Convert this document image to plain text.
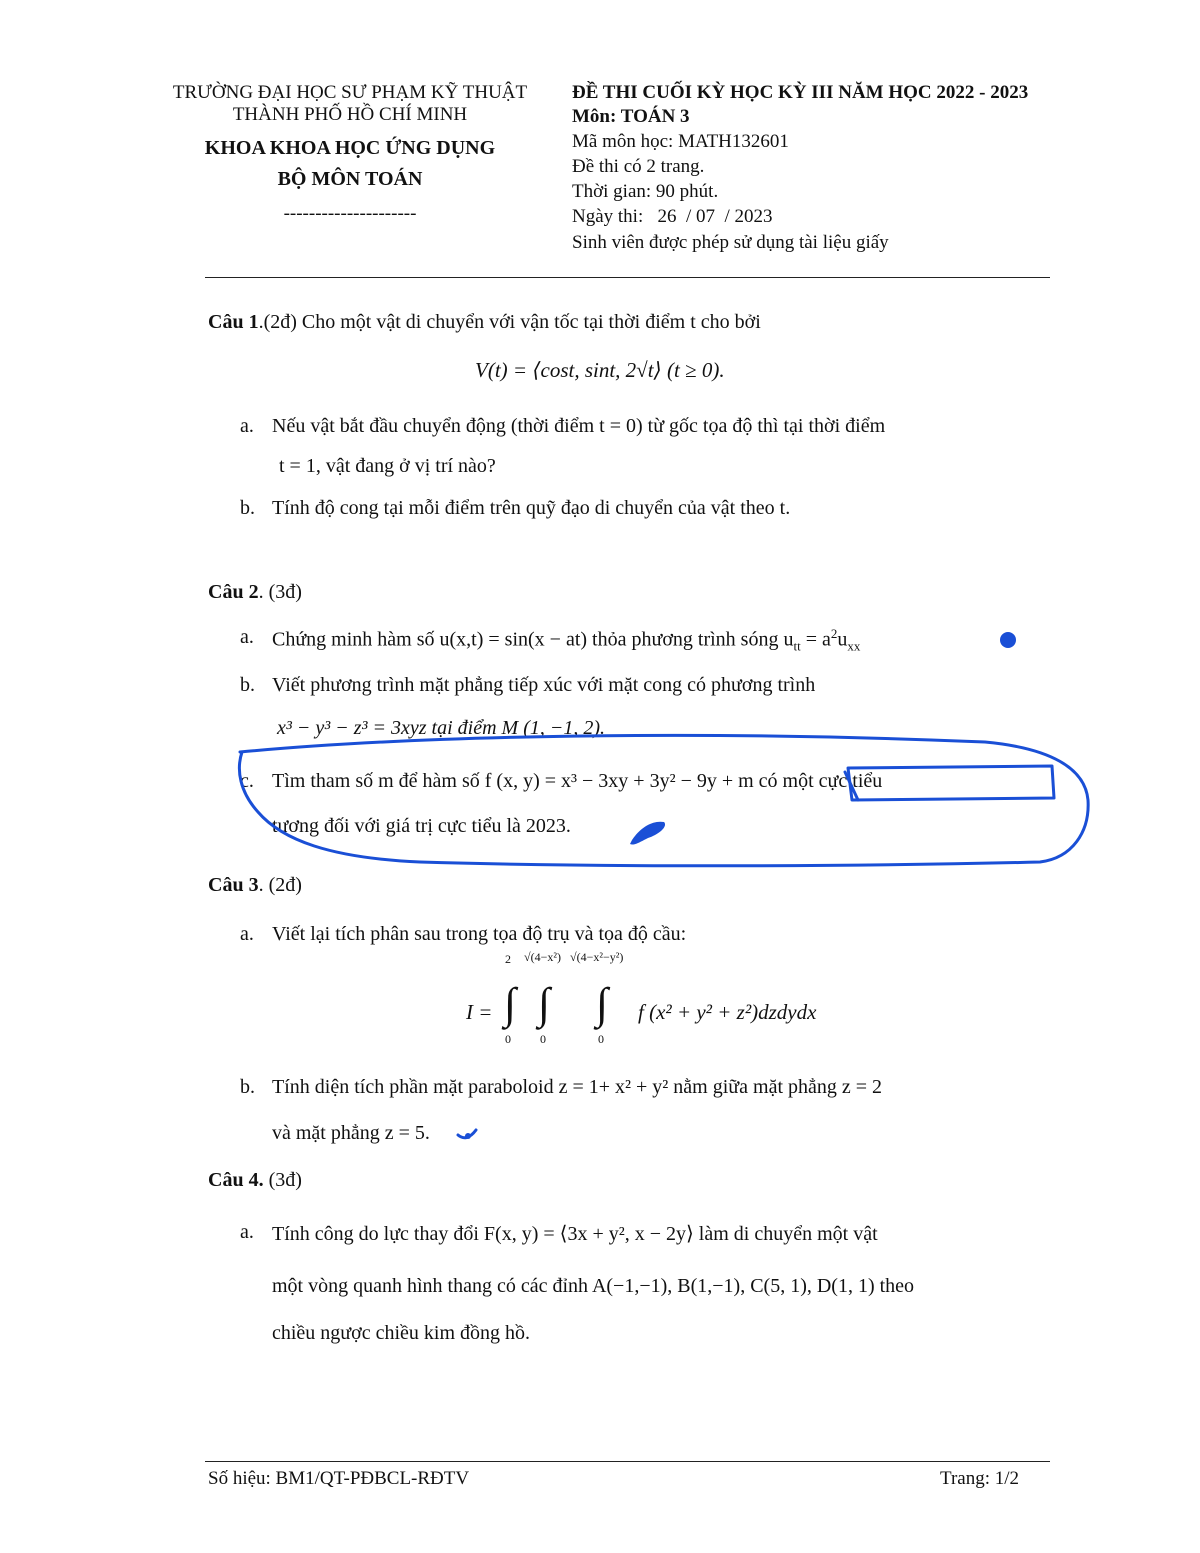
TRƯỜNG ĐẠI HỌC SƯ PHẠM KỸ THUẬT
THÀNH PHỐ HỒ CHÍ MINH
KHOA KHOA HỌC ỨNG DỤNG
BỘ MÔN TOÁN
---------------------
ĐỀ THI CUỐI KỲ HỌC KỲ III NĂM HỌC 2022 - 2023
Môn: TOÁN 3
Mã môn học: MATH132601
Đề thi có 2 trang.
Thời gian: 90 phút.
Ngày thi:   26  / 07  / 2023
Sinh viên được phép sử dụng tài liệu giấy
Câu 1.(2đ) Cho một vật di chuyển với vận tốc tại thời điểm t cho bởi
V(t) = ⟨cost, sint, 2√t⟩ (t ≥ 0).
a. Nếu vật bắt đầu chuyển động (thời điểm t = 0) từ gốc tọa độ thì tại thời điểm
t = 1, vật đang ở vị trí nào?
b. Tính độ cong tại mỗi điểm trên quỹ đạo di chuyển của vật theo t.
Câu 2. (3đ)
a. Chứng minh hàm số u(x,t) = sin(x − at) thỏa phương trình sóng $u_{tt} = a^2u_{xx}$
b. Viết phương trình mặt phẳng tiếp xúc với mặt cong có phương trình
x³ − y³ − z³ = 3xyz tại điểm M (1, −1, 2).
c. Tìm tham số m để hàm số f (x, y) = x³ − 3xy + 3y² − 9y + m có một cực tiểu
tương đối với giá trị cực tiểu là 2023.
Câu 3. (2đ)
a. Viết lại tích phân sau trong tọa độ trụ và tọa độ cầu:
I = ∫ ∫ ∫
2 √(4−x²) √(4−x²−y²)
0 0	0
f (x² + y² + z²)dzdydx
b. Tính diện tích phần mặt paraboloid z = 1+ x² + y² nằm giữa mặt phẳng z = 2
và mặt phẳng z = 5.
Câu 4. (3đ)
a. Tính công do lực thay đổi F(x, y) = ⟨3x + y², x − 2y⟩ làm di chuyển một vật
một vòng quanh hình thang có các đỉnh A(−1,−1), B(1,−1), C(5, 1), D(1, 1) theo
chiều ngược chiều kim đồng hồ.
Số hiệu: BM1/QT-PĐBCL-RĐTV	Trang: 1/2
